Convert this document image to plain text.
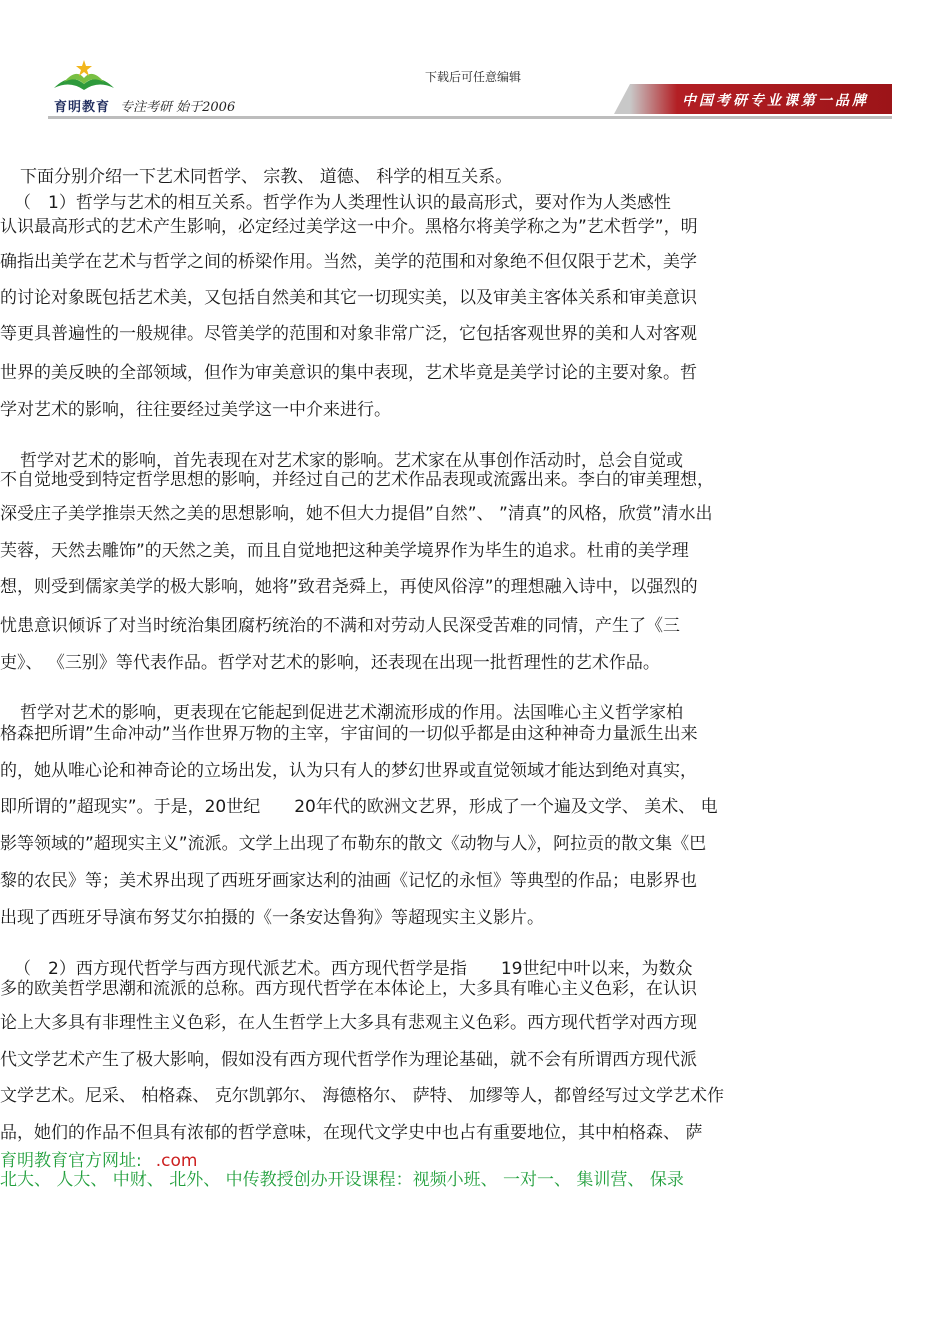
育明教育 专注考研 始于2006
下载后可任意编辑
中国考研专业课第一品牌
下面分别介绍一下艺术同哲学、 宗教、 道德、 科学的相互关系。
（　1）哲学与艺术的相互关系。哲学作为人类理性认识的最高形式，要对作为人类感性
认识最高形式的艺术产生影响，必定经过美学这一中介。黑格尔将美学称之为”艺术哲学”，明
确指出美学在艺术与哲学之间的桥梁作用。当然，美学的范围和对象绝不但仅限于艺术，美学
的讨论对象既包括艺术美，又包括自然美和其它一切现实美，以及审美主客体关系和审美意识
等更具普遍性的一般规律。尽管美学的范围和对象非常广泛，它包括客观世界的美和人对客观
世界的美反映的全部领域，但作为审美意识的集中表现，艺术毕竟是美学讨论的主要对象。哲
学对艺术的影响，往往要经过美学这一中介来进行。
哲学对艺术的影响，首先表现在对艺术家的影响。艺术家在从事创作活动时，总会自觉或
不自觉地受到特定哲学思想的影响，并经过自己的艺术作品表现或流露出来。李白的审美理想，
深受庄子美学推崇天然之美的思想影响，她不但大力提倡”自然”、 ”清真”的风格，欣赏”清水出
芙蓉，天然去雕饰”的天然之美，而且自觉地把这种美学境界作为毕生的追求。杜甫的美学理
想，则受到儒家美学的极大影响，她将”致君尧舜上，再使风俗淳”的理想融入诗中，以强烈的
忧患意识倾诉了对当时统治集团腐朽统治的不满和对劳动人民深受苦难的同情，产生了《三
吏》、 《三别》等代表作品。哲学对艺术的影响，还表现在出现一批哲理性的艺术作品。
哲学对艺术的影响，更表现在它能起到促进艺术潮流形成的作用。法国唯心主义哲学家柏
格森把所谓”生命冲动”当作世界万物的主宰，宇宙间的一切似乎都是由这种神奇力量派生出来
的，她从唯心论和神奇论的立场出发，认为只有人的梦幻世界或直觉领域才能达到绝对真实，
即所谓的”超现实”。于是，20世纪　　20年代的欧洲文艺界，形成了一个遍及文学、 美术、 电
影等领域的”超现实主义”流派。文学上出现了布勒东的散文《动物与人》，阿拉贡的散文集《巴
黎的农民》等；美术界出现了西班牙画家达利的油画《记忆的永恒》等典型的作品；电影界也
出现了西班牙导演布努艾尔拍摄的《一条安达鲁狗》等超现实主义影片。
（　2）西方现代哲学与西方现代派艺术。西方现代哲学是指　　19世纪中叶以来，为数众
多的欧美哲学思潮和流派的总称。西方现代哲学在本体论上，大多具有唯心主义色彩，在认识
论上大多具有非理性主义色彩，在人生哲学上大多具有悲观主义色彩。西方现代哲学对西方现
代文学艺术产生了极大影响，假如没有西方现代哲学作为理论基础，就不会有所谓西方现代派
文学艺术。尼采、 柏格森、 克尔凯郭尔、 海德格尔、 萨特、 加缪等人，都曾经写过文学艺术作
品，她们的作品不但具有浓郁的哲学意味，在现代文学史中也占有重要地位，其中柏格森、 萨
育明教育官方网址: .com
北大、 人大、 中财、 北外、 中传教授创办开设课程：视频小班、 一对一、 集训营、 保录
